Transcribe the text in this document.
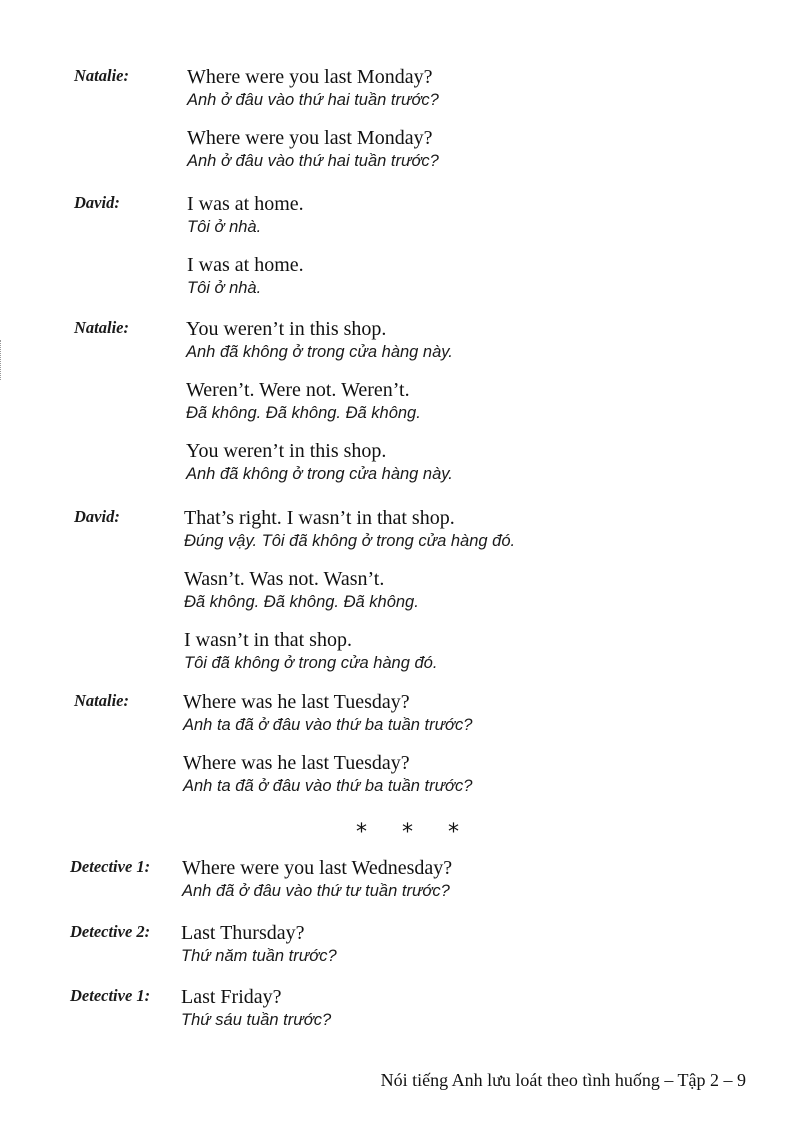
Natalie:	Where were you last Monday?
Anh ở đâu vào thứ hai tuần trước?
Where were you last Monday?
Anh ở đâu vào thứ hai tuần trước?
David:	I was at home.
Tôi ở nhà.
I was at home.
Tôi ở nhà.
Natalie:	You weren’t in this shop.
Anh đã không ở trong cửa hàng này.
Weren’t. Were not. Weren’t.
Đã không. Đã không. Đã không.
You weren’t in this shop.
Anh đã không ở trong cửa hàng này.
David:	That’s right. I wasn’t in that shop.
Đúng vậy. Tôi đã không ở trong cửa hàng đó.
Wasn’t. Was not. Wasn’t.
Đã không. Đã không. Đã không.
I wasn’t in that shop.
Tôi đã không ở trong cửa hàng đó.
Natalie:	Where was he last Tuesday?
Anh ta đã ở đâu vào thứ ba tuần trước?
Where was he last Tuesday?
Anh ta đã ở đâu vào thứ ba tuần trước?
* * *
Detective 1: Where were you last Wednesday?
Anh đã ở đâu vào thứ tư tuần trước?
Detective 2: Last Thursday?
Thứ năm tuần trước?
Detective 1: Last Friday?
Thứ sáu tuần trước?
Nói tiếng Anh lưu loát theo tình huống – Tập 2 – 9
